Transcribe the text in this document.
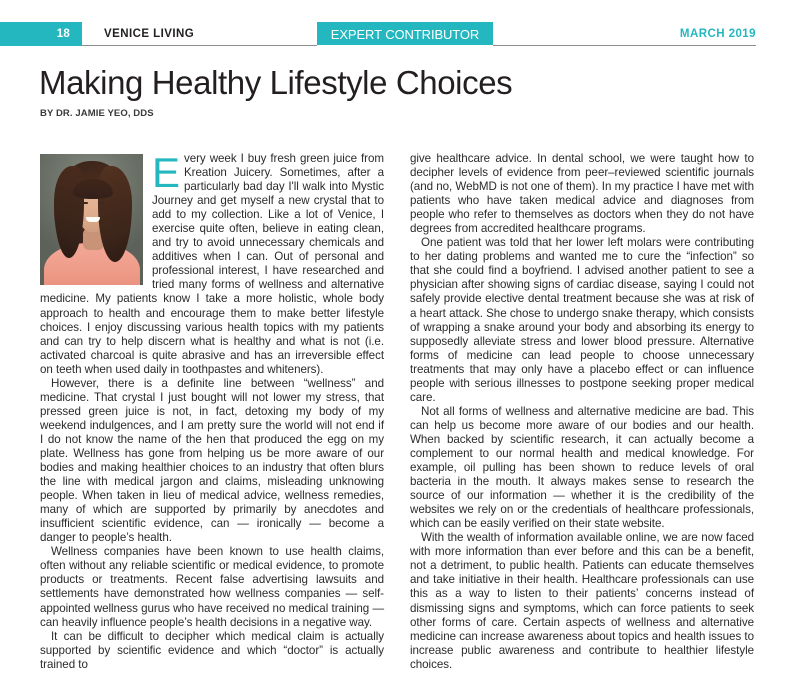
18	VENICE LIVING	EXPERT CONTRIBUTOR	MARCH 2019
Making Healthy Lifestyle Choices
BY DR. JAMIE YEO, DDS

Every week I buy fresh green juice from Kreation Juicery. Sometimes, after a particularly bad day I'll walk into Mystic Journey and get myself a new crystal that to add to my collection. Like a lot of Venice, I exercise quite often, believe in eating clean, and try to avoid unnecessary chemicals and additives when I can. Out of personal and professional interest, I have researched and tried many forms of wellness and alternative medicine. My patients know I take a more holistic, whole body approach to health and encourage them to make better lifestyle choices. I enjoy discussing various health topics with my patients and can try to help discern what is healthy and what is not (i.e. activated charcoal is quite abrasive and has an irreversible effect on teeth when used daily in toothpastes and whiteners).

However, there is a definite line between “wellness” and medicine. That crystal I just bought will not lower my stress, that pressed green juice is not, in fact, detoxing my body of my weekend indulgences, and I am pretty sure the world will not end if I do not know the name of the hen that produced the egg on my plate. Wellness has gone from helping us be more aware of our bodies and making healthier choices to an industry that often blurs the line with medical jargon and claims, misleading unknowing people. When taken in lieu of medical advice, wellness remedies, many of which are supported by primarily by anecdotes and insufficient scientific evidence, can — ironically — become a danger to people’s health.

Wellness companies have been known to use health claims, often without any reliable scientific or medical evidence, to promote products or treatments. Recent false advertising lawsuits and settlements have demonstrated how wellness companies — self-appointed wellness gurus who have received no medical training — can heavily influence people’s health decisions in a negative way.

It can be difficult to decipher which medical claim is actually supported by scientific evidence and which “doctor” is actually trained to

give healthcare advice. In dental school, we were taught how to decipher levels of evidence from peer–reviewed scientific journals (and no, WebMD is not one of them). In my practice I have met with patients who have taken medical advice and diagnoses from people who refer to themselves as doctors when they do not have degrees from accredited healthcare programs.

One patient was told that her lower left molars were contributing to her dating problems and wanted me to cure the “infection” so that she could find a boyfriend. I advised another patient to see a physician after showing signs of cardiac disease, saying I could not safely provide elective dental treatment because she was at risk of a heart attack. She chose to undergo snake therapy, which consists of wrapping a snake around your body and absorbing its energy to supposedly alleviate stress and lower blood pressure. Alternative forms of medicine can lead people to choose unnecessary treatments that may only have a placebo effect or can influence people with serious illnesses to postpone seeking proper medical care.

Not all forms of wellness and alternative medicine are bad. This can help us become more aware of our bodies and our health. When backed by scientific research, it can actually become a complement to our normal health and medical knowledge. For example, oil pulling has been shown to reduce levels of oral bacteria in the mouth. It always makes sense to research the source of our information — whether it is the credibility of the websites we rely on or the credentials of healthcare professionals, which can be easily verified on their state website.

With the wealth of information available online, we are now faced with more information than ever before and this can be a benefit, not a detriment, to public health. Patients can educate themselves and take initiative in their health. Healthcare professionals can use this as a way to listen to their patients’ concerns instead of dismissing signs and symptoms, which can force patients to seek other forms of care. Certain aspects of wellness and alternative medicine can increase awareness about topics and health issues to increase public awareness and contribute to healthier lifestyle choices.
